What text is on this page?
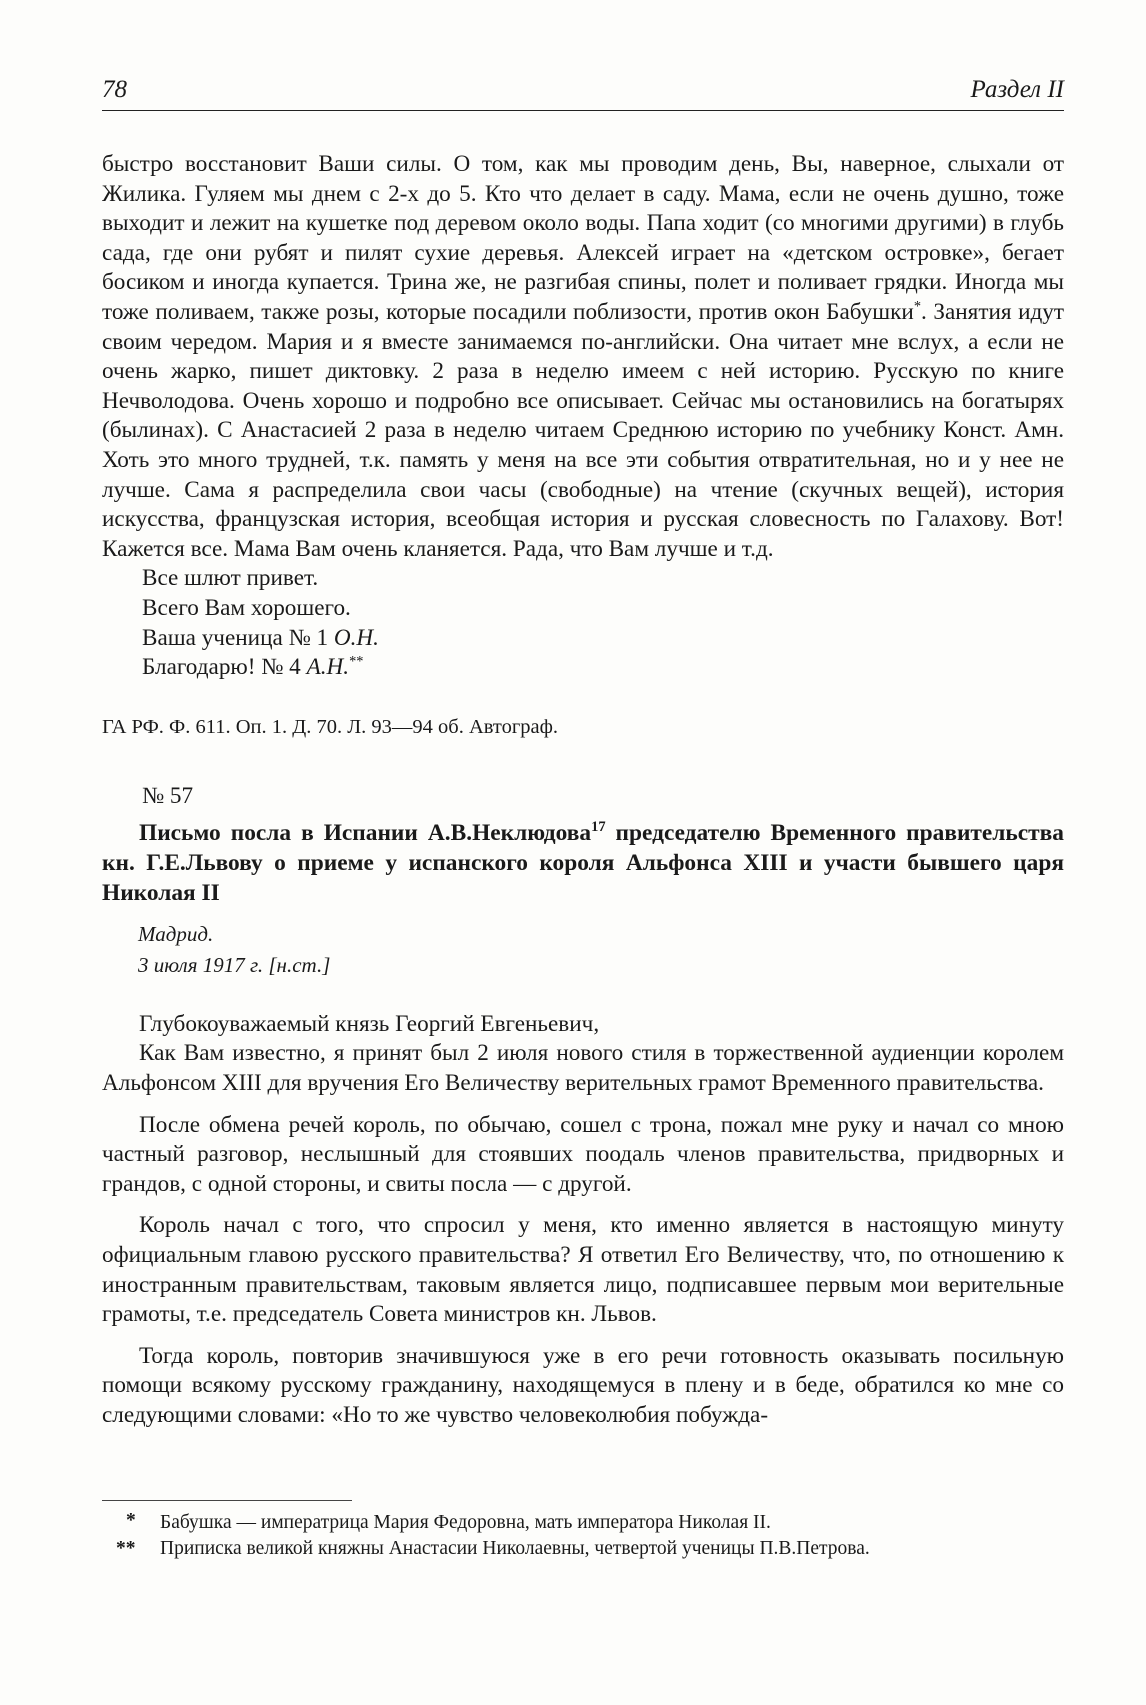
78	Раздел II

быстро восстановит Ваши силы. О том, как мы проводим день, Вы, наверное, слыхали от Жилика. Гуляем мы днем с 2-х до 5. Кто что делает в саду. Мама, если не очень душно, тоже выходит и лежит на кушетке под деревом около воды. Папа ходит (со многими другими) в глубь сада, где они рубят и пилят сухие деревья. Алексей играет на «детском островке», бегает босиком и иногда купается. Трина же, не разгибая спины, полет и поливает грядки. Иногда мы тоже поливаем, также розы, которые посадили поблизости, против окон Бабушки*. Занятия идут своим чередом. Мария и я вместе занимаемся по-английски. Она читает мне вслух, а если не очень жарко, пишет диктовку. 2 раза в неделю имеем с ней историю. Русскую по книге Нечволодова. Очень хорошо и подробно все описывает. Сейчас мы остановились на богатырях (былинах). С Анастасией 2 раза в неделю читаем Среднюю историю по учебнику Конст. Амн. Хоть это много трудней, т.к. память у меня на все эти события отвратительная, но и у нее не лучше. Сама я распределила свои часы (свободные) на чтение (скучных вещей), история искусства, французская история, всеобщая история и русская словесность по Галахову. Вот! Кажется все. Мама Вам очень кланяется. Рада, что Вам лучше и т.д.

Все шлют привет.
Всего Вам хорошего.
Ваша ученица № 1 О.Н.
Благодарю! № 4 А.Н.**

ГА РФ. Ф. 611. Оп. 1. Д. 70. Л. 93—94 об. Автограф.

№ 57

Письмо посла в Испании А.В.Неклюдова$^{17}$ председателю Временного правительства кн. Г.Е.Львову о приеме у испанского короля Альфонса XIII и участи бывшего царя Николая II

Мадрид.
3 июля 1917 г. [н.ст.]

Глубокоуважаемый князь Георгий Евгеньевич,

Как Вам известно, я принят был 2 июля нового стиля в торжественной аудиенции королем Альфонсом XIII для вручения Его Величеству верительных грамот Временного правительства.

После обмена речей король, по обычаю, сошел с трона, пожал мне руку и начал со мною частный разговор, неслышный для стоявших поодаль членов правительства, придворных и грандов, с одной стороны, и свиты посла — с другой.

Король начал с того, что спросил у меня, кто именно является в настоящую минуту официальным главою русского правительства? Я ответил Его Величеству, что, по отношению к иностранным правительствам, таковым является лицо, подписавшее первым мои верительные грамоты, т.е. председатель Совета министров кн. Львов.

Тогда король, повторив значившуюся уже в его речи готовность оказывать посильную помощи всякому русскому гражданину, находящемуся в плену и в беде, обратился ко мне со следующими словами: «Но то же чувство человеколюбия побужда-

* Бабушка — императрица Мария Федоровна, мать императора Николая II.
** Приписка великой княжны Анастасии Николаевны, четвертой ученицы П.В.Петрова.
